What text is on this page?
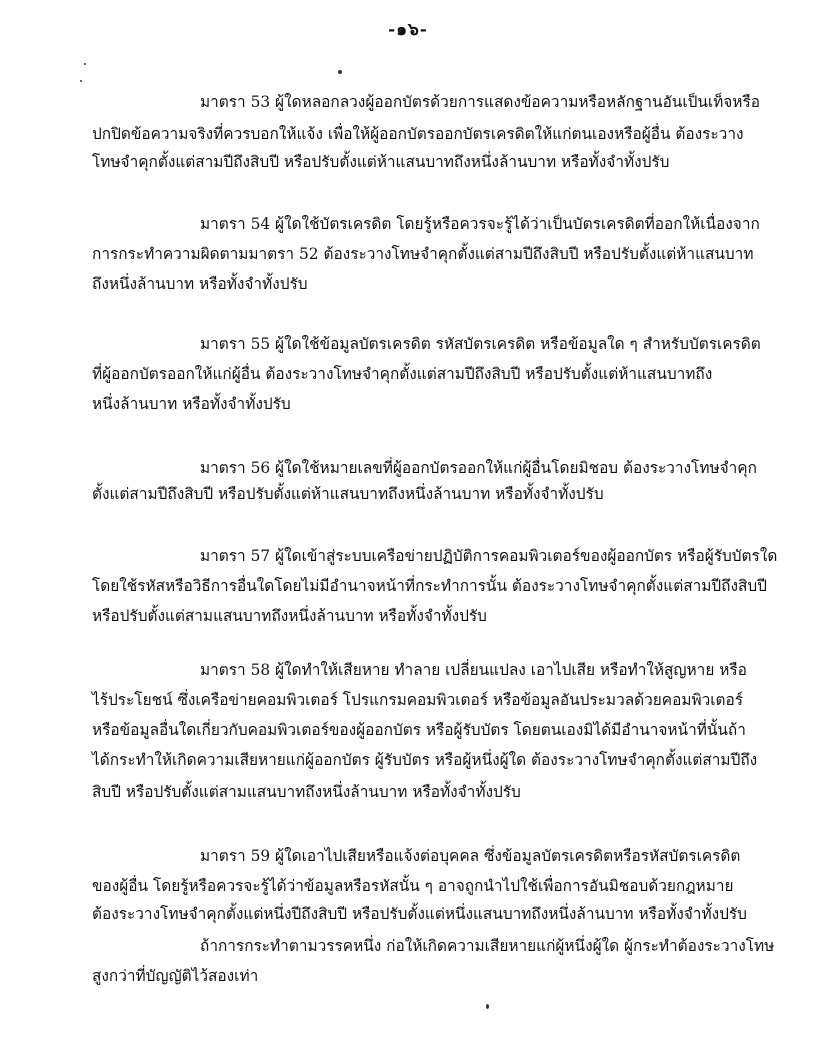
-๑๖-
มาตรา 53 ผู้ใดหลอกลวงผู้ออกบัตรด้วยการแสดงข้อความหรือหลักฐานอันเป็นเท็จหรือ
ปกปิดข้อความจริงที่ควรบอกให้แจ้ง เพื่อให้ผู้ออกบัตรออกบัตรเครดิตให้แก่ตนเองหรือผู้อื่น ต้องระวาง
โทษจำคุกตั้งแต่สามปีถึงสิบปี หรือปรับตั้งแต่ห้าแสนบาทถึงหนึ่งล้านบาท หรือทั้งจำทั้งปรับ
มาตรา 54 ผู้ใดใช้บัตรเครดิต โดยรู้หรือควรจะรู้ได้ว่าเป็นบัตรเครดิตที่ออกให้เนื่องจาก
การกระทำความผิดตามมาตรา 52 ต้องระวางโทษจำคุกตั้งแต่สามปีถึงสิบปี หรือปรับตั้งแต่ห้าแสนบาท
ถึงหนึ่งล้านบาท หรือทั้งจำทั้งปรับ
มาตรา 55 ผู้ใดใช้ข้อมูลบัตรเครดิต รหัสบัตรเครดิต หรือข้อมูลใด ๆ สำหรับบัตรเครดิต
ที่ผู้ออกบัตรออกให้แก่ผู้อื่น ต้องระวางโทษจำคุกตั้งแต่สามปีถึงสิบปี หรือปรับตั้งแต่ห้าแสนบาทถึง
หนึ่งล้านบาท หรือทั้งจำทั้งปรับ
มาตรา 56 ผู้ใดใช้หมายเลขที่ผู้ออกบัตรออกให้แก่ผู้อื่นโดยมิชอบ ต้องระวางโทษจำคุก
ตั้งแต่สามปีถึงสิบปี หรือปรับตั้งแต่ห้าแสนบาทถึงหนึ่งล้านบาท หรือทั้งจำทั้งปรับ
มาตรา 57 ผู้ใดเข้าสู่ระบบเครือข่ายปฏิบัติการคอมพิวเตอร์ของผู้ออกบัตร หรือผู้รับบัตรใด
โดยใช้รหัสหรือวิธีการอื่นใดโดยไม่มีอำนาจหน้าที่กระทำการนั้น ต้องระวางโทษจำคุกตั้งแต่สามปีถึงสิบปี
หรือปรับตั้งแต่สามแสนบาทถึงหนึ่งล้านบาท หรือทั้งจำทั้งปรับ
มาตรา 58 ผู้ใดทำให้เสียหาย ทำลาย เปลี่ยนแปลง เอาไปเสีย หรือทำให้สูญหาย หรือ
ไร้ประโยชน์ ซึ่งเครือข่ายคอมพิวเตอร์ โปรแกรมคอมพิวเตอร์ หรือข้อมูลอันประมวลด้วยคอมพิวเตอร์
หรือข้อมูลอื่นใดเกี่ยวกับคอมพิวเตอร์ของผู้ออกบัตร หรือผู้รับบัตร โดยตนเองมิได้มีอำนาจหน้าที่นั้นถ้า
ได้กระทำให้เกิดความเสียหายแก่ผู้ออกบัตร ผู้รับบัตร หรือผู้หนึ่งผู้ใด ต้องระวางโทษจำคุกตั้งแต่สามปีถึง
สิบปี หรือปรับตั้งแต่สามแสนบาทถึงหนึ่งล้านบาท หรือทั้งจำทั้งปรับ
มาตรา 59 ผู้ใดเอาไปเสียหรือแจ้งต่อบุคคล ซึ่งข้อมูลบัตรเครดิตหรือรหัสบัตรเครดิต
ของผู้อื่น โดยรู้หรือควรจะรู้ได้ว่าข้อมูลหรือรหัสนั้น ๆ อาจถูกนำไปใช้เพื่อการอันมิชอบด้วยกฎหมาย
ต้องระวางโทษจำคุกตั้งแต่หนึ่งปีถึงสิบปี หรือปรับตั้งแต่หนึ่งแสนบาทถึงหนึ่งล้านบาท หรือทั้งจำทั้งปรับ
ถ้าการกระทำตามวรรคหนึ่ง ก่อให้เกิดความเสียหายแก่ผู้หนึ่งผู้ใด ผู้กระทำต้องระวางโทษ
สูงกว่าที่บัญญัติไว้สองเท่า
